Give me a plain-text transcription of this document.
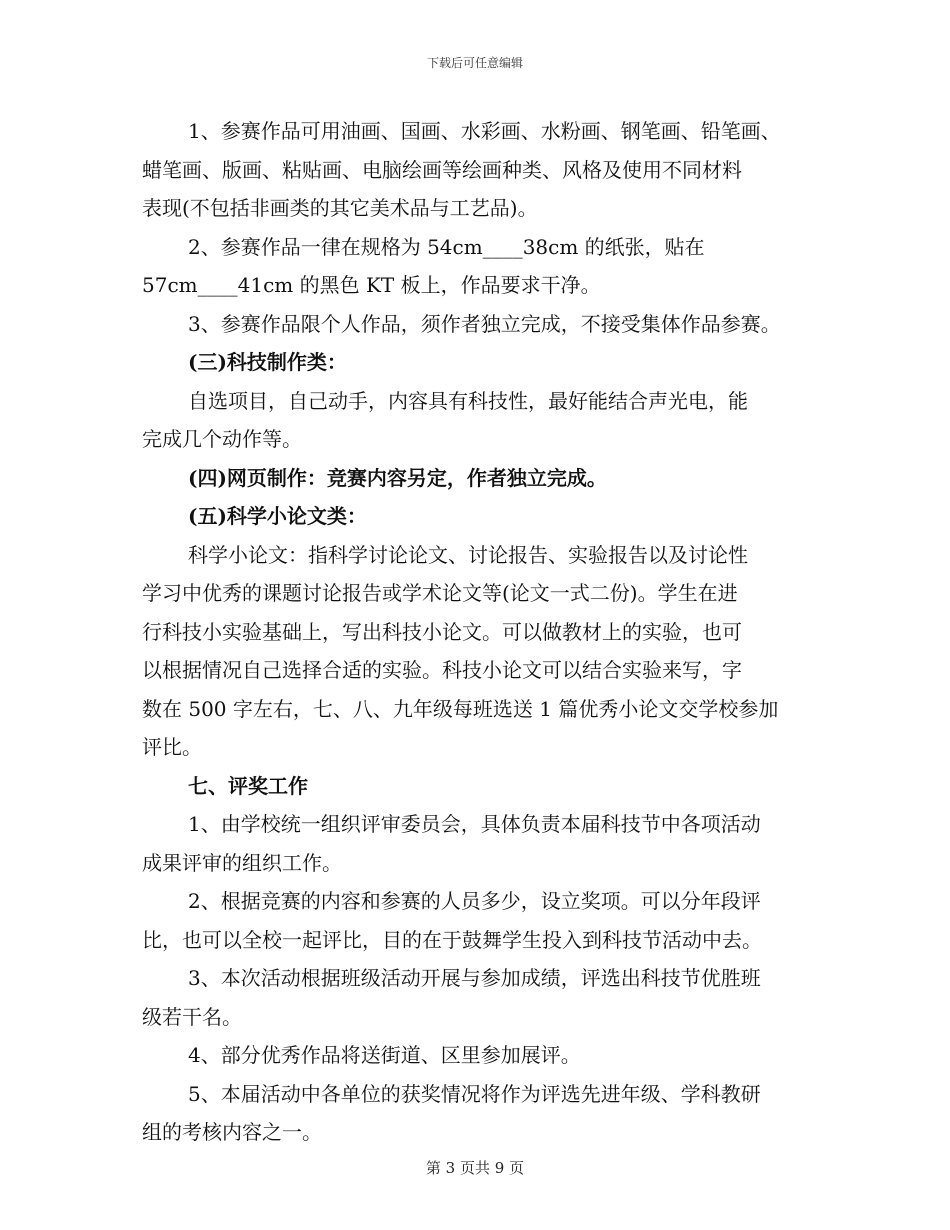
下载后可任意编辑

1、参赛作品可用油画、国画、水彩画、水粉画、钢笔画、铅笔画、

蜡笔画、版画、粘贴画、电脑绘画等绘画种类、风格及使用不同材料

表现(不包括非画类的其它美术品与工艺品)。

2、参赛作品一律在规格为 54cm____38cm 的纸张，贴在

57cm____41cm 的黑色 KT 板上，作品要求干净。

3、参赛作品限个人作品，须作者独立完成，不接受集体作品参赛。

(三)科技制作类：

自选项目，自己动手，内容具有科技性，最好能结合声光电，能

完成几个动作等。

(四)网页制作：竞赛内容另定，作者独立完成。

(五)科学小论文类：

科学小论文：指科学讨论论文、讨论报告、实验报告以及讨论性

学习中优秀的课题讨论报告或学术论文等(论文一式二份)。学生在进

行科技小实验基础上，写出科技小论文。可以做教材上的实验，也可

以根据情况自己选择合适的实验。科技小论文可以结合实验来写，字

数在 500 字左右，七、八、九年级每班选送 1 篇优秀小论文交学校参加

评比。

七、评奖工作

1、由学校统一组织评审委员会，具体负责本届科技节中各项活动

成果评审的组织工作。

2、根据竞赛的内容和参赛的人员多少，设立奖项。可以分年段评

比，也可以全校一起评比，目的在于鼓舞学生投入到科技节活动中去。

3、本次活动根据班级活动开展与参加成绩，评选出科技节优胜班

级若干名。

4、部分优秀作品将送街道、区里参加展评。

5、本届活动中各单位的获奖情况将作为评选先进年级、学科教研

组的考核内容之一。

第 3 页共 9 页
